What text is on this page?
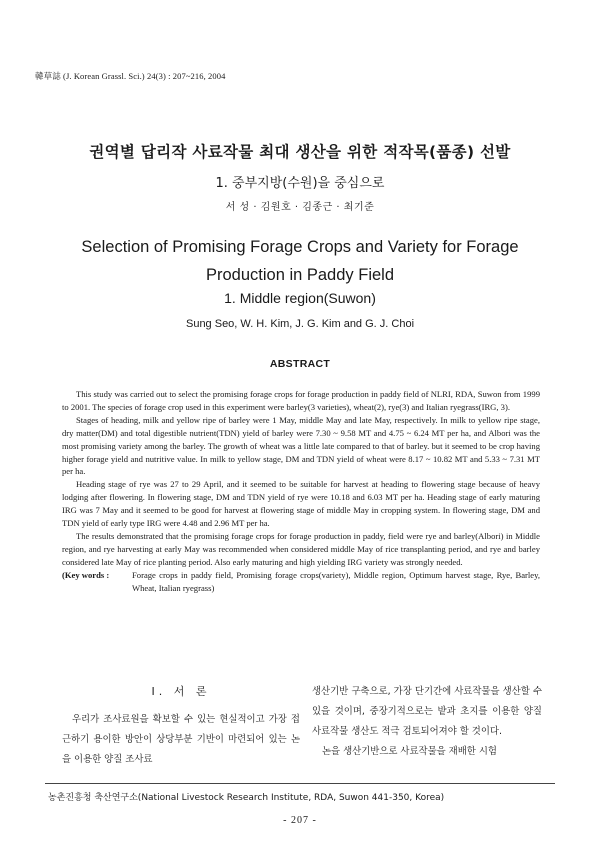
韓草誌 (J. Korean Grassl. Sci.) 24(3) : 207~216, 2004
권역별 답리작 사료작물 최대 생산을 위한 적작목(품종) 선발
1. 중부지방(수원)을 중심으로
서 성 · 김원호 · 김종근 · 최기준
Selection of Promising Forage Crops and Variety for Forage
Production in Paddy Field
1. Middle region(Suwon)
Sung Seo, W. H. Kim, J. G. Kim and G. J. Choi
ABSTRACT

This study was carried out to select the promising forage crops for forage production in paddy field of NLRI, RDA, Suwon from 1999 to 2001. The species of forage crop used in this experiment were barley(3 varieties), wheat(2), rye(3) and Italian ryegrass(IRG, 3).

Stages of heading, milk and yellow ripe of barley were 1 May, middle May and late May, respectively. In milk to yellow ripe stage, dry matter(DM) and total digestible nutrient(TDN) yield of barley were 7.30 ~ 9.58 MT and 4.75 ~ 6.24 MT per ha, and Albori was the most promising variety among the barley. The growth of wheat was a little late compared to that of barley. but it seemed to be crop having higher forage yield and nutritive value. In milk to yellow stage, DM and TDN yield of wheat were 8.17 ~ 10.82 MT and 5.33 ~ 7.31 MT per ha.

Heading stage of rye was 27 to 29 April, and it seemed to be suitable for harvest at heading to flowering stage because of heavy lodging after flowering. In flowering stage, DM and TDN yield of rye were 10.18 and 6.03 MT per ha. Heading stage of early maturing IRG was 7 May and it seemed to be good for harvest at flowering stage of middle May in cropping system. In flowering stage, DM and TDN yield of early type IRG were 4.48 and 2.96 MT per ha.

The results demonstrated that the promising forage crops for forage production in paddy, field were rye and barley(Albori) in Middle region, and rye harvesting at early May was recommended when considered middle May of rice transplanting period, and rye and barley considered late May of rice planting period. Also early maturing and high yielding IRG variety was strongly needed.

(Key words :	Forage crops in paddy field, Promising forage crops(variety), Middle region, Optimum harvest stage, Rye, Barley, Wheat, Italian ryegrass)

Ⅰ. 서 론

우리가 조사료원을 확보할 수 있는 현실적이고 가장 접근하기 용이한 방안이 상당부분 기반이 마련되어 있는 논을 이용한 양질 조사료

생산기반 구축으로, 가장 단기간에 사료작물을 생산할 수 있을 것이며, 중장기적으로는 밭과 초지를 이용한 양질 사료작물 생산도 적극 검토되어져야 할 것이다.

논을 생산기반으로 사료작물을 재배한 시험

농촌진흥청 축산연구소(National Livestock Research Institute, RDA, Suwon 441-350, Korea)
- 207 -
